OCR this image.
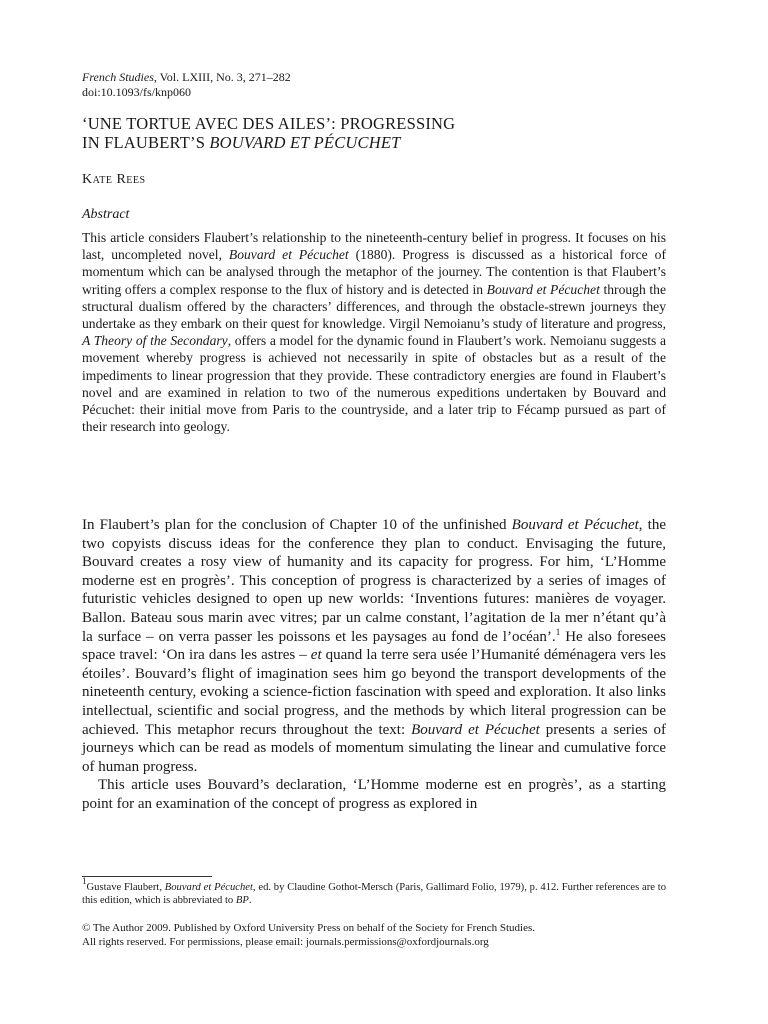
French Studies, Vol. LXIII, No. 3, 271–282
doi:10.1093/fs/knp060
‘UNE TORTUE AVEC DES AILES’: PROGRESSING
IN FLAUBERT’S BOUVARD ET PÉCUCHET
Kate Rees
Abstract
This article considers Flaubert’s relationship to the nineteenth-century belief in progress. It focuses on his last, uncompleted novel, Bouvard et Pécuchet (1880). Progress is discussed as a historical force of momentum which can be analysed through the metaphor of the journey. The contention is that Flaubert’s writing offers a complex response to the flux of history and is detected in Bouvard et Pécuchet through the structural dualism offered by the characters’ differences, and through the obstacle-strewn journeys they undertake as they embark on their quest for knowledge. Virgil Nemoianu’s study of literature and progress, A Theory of the Secondary, offers a model for the dynamic found in Flaubert’s work. Nemoianu suggests a movement whereby progress is achieved not necessarily in spite of obstacles but as a result of the impediments to linear progression that they provide. These contradictory energies are found in Flaubert’s novel and are examined in relation to two of the numerous expeditions undertaken by Bouvard and Pécuchet: their initial move from Paris to the countryside, and a later trip to Fécamp pursued as part of their research into geology.

In Flaubert’s plan for the conclusion of Chapter 10 of the unfinished Bouvard et Pécuchet, the two copyists discuss ideas for the conference they plan to conduct. Envisaging the future, Bouvard creates a rosy view of humanity and its capacity for progress. For him, ‘L’Homme moderne est en progrès’. This conception of progress is characterized by a series of images of futuristic vehicles designed to open up new worlds: ‘Inventions futures: manières de voyager. Ballon. Bateau sous marin avec vitres; par un calme constant, l’agitation de la mer n’étant qu’à la surface – on verra passer les poissons et les paysages au fond de l’océan’.$^1$ He also foresees space travel: ‘On ira dans les astres – et quand la terre sera usée l’Humanité déménagera vers les étoiles’. Bouvard’s flight of imagination sees him go beyond the transport developments of the nineteenth century, evoking a science-fiction fascination with speed and exploration. It also links intellectual, scientific and social progress, and the methods by which literal progression can be achieved. This metaphor recurs throughout the text: Bouvard et Pécuchet presents a series of journeys which can be read as models of momentum simulating the linear and cumulative force of human progress.

This article uses Bouvard’s declaration, ‘L’Homme moderne est en progrès’, as a starting point for an examination of the concept of progress as explored in

$^1$Gustave Flaubert, Bouvard et Pécuchet, ed. by Claudine Gothot-Mersch (Paris, Gallimard Folio, 1979), p. 412. Further references are to this edition, which is abbreviated to BP.
© The Author 2009. Published by Oxford University Press on behalf of the Society for French Studies.
All rights reserved. For permissions, please email: journals.permissions@oxfordjournals.org
